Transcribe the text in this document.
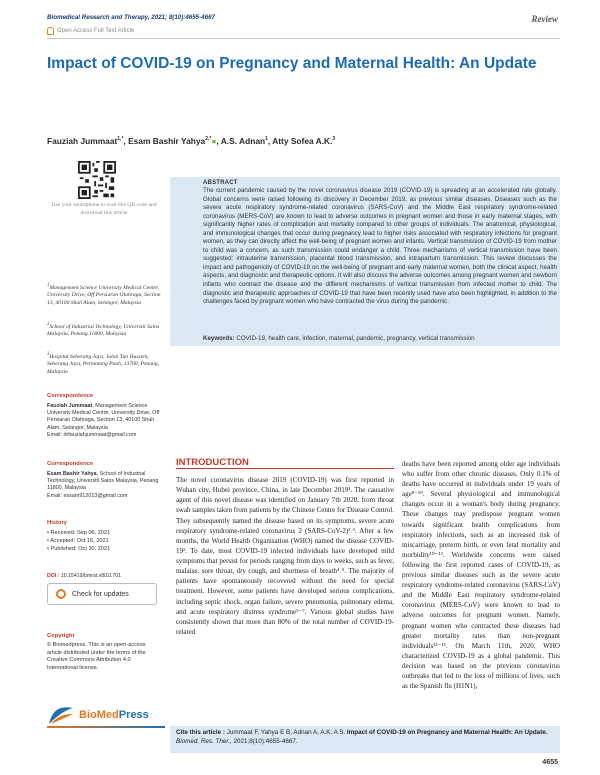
Biomedical Research and Therapy, 2021; 8(10):4655-4667
Open Access Full Text Article
Review
Impact of COVID-19 on Pregnancy and Maternal Health: An Update
Fauziah Jummaat$^{1,*}$, Esam Bashir Yahya$^{2,*}$●, A.S. Adnan$^1$, Atty Sofea A.K.$^3$
Use your smartphone to scan this QR code and download this article
ABSTRACT
The current pandemic caused by the novel coronavirus disease 2019 (COVID-19) is spreading at an accelerated rate globally. Global concerns were raised following its discovery in December 2019, as previous similar diseases. Diseases such as the severe acute respiratory syndrome-related coronavirus (SARS-CoV) and the Middle East respiratory syndrome-related coronavirus (MERS-CoV) are known to lead to adverse outcomes in pregnant women and those in early maternal stages, with significantly higher rates of complication and mortality compared to other groups of individuals. The anatomical, physiological, and immunological changes that occur during pregnancy lead to higher risks associated with respiratory infections for pregnant women, as they can directly affect the well-being of pregnant women and infants. Vertical transmission of COVID-19 from mother to child was a concern, as such transmission could endanger a child. Three mechanisms of vertical transmission have been suggested: intrauterine transmission, placental blood transmission, and intrapartum transmission. This review discusses the impact and pathogenicity of COVID-19 on the well-being of pregnant and early maternal women, both the clinical aspect, health aspects, and diagnostic and therapeutic options. It will also discuss the adverse outcomes among pregnant women and newborn infants who contract the disease and the different mechanisms of vertical transmission from infected mother to child. The diagnostic and therapeutic approaches of COVID-19 that have been recently used have also been highlighted, in addition to the challenges faced by pregnant women who have contracted the virus during the pandemic.
Keywords: COVID-19, health care, infection, maternal, pandemic, pregnancy, vertical transmission
$^1$Management Science University Medical Centre, University Drive, Off Persiaran Olahraga, Section 13, 40100 Shah Alam, Selangor, Malaysia
$^2$School of Industrial Technology, Universiti Sains Malaysia, Penang 11800, Malaysia
$^3$Hospital Seberang Jaya, Jalan Tun Hussein, Seberang Jaya, Permatang Pauh, 13700, Penang, Malaysia
Correspondence
Fauziah Jummaat, Management Science University Medical Centre, University Drive, Off Persiaran Olahraga, Section 13, 40100 Shah Alam, Selangor, Malaysia
Email: drfauziahjummaat@gmail.com
Correspondence
Esam Bashir Yahya, School of Industrial Technology, Universiti Sains Malaysia, Penang 11800, Malaysia
Email: essam912013@gmail.com
History
• Received: Sep 06, 2021
• Accepted: Oct 16, 2021
• Published: Oct 30, 2021
DOI : 10.15419/bmrat.v8i10.701
Check for updates
Copyright
© Biomedpress. This is an open-access article distributed under the terms of the Creative Commons Attribution 4.0 International license.
BioMedPress
INTRODUCTION
The novel coronavirus disease 2019 (COVID-19) was first reported in Wuhan city, Hubei province, China, in late December 2019¹. The causative agent of this novel disease was identified on January 7th 2020, from throat swab samples taken from patients by the Chinese Centre for Disease Control. They subsequently named the disease based on its symptoms, severe acute respiratory syndrome-related coronavirus 2 (SARS-CoV-2)²˒³. After a few months, the World Health Organisation (WHO) named the disease COVID-19². To date, most COVID-19 infected individuals have developed mild symptoms that persist for periods ranging from days to weeks, such as fever, malaise, sore throat, dry cough, and shortness of breath⁴˒⁵. The majority of patients have spontaneously recovered without the need for special treatment. However, some patients have developed serious complications, including septic shock, organ failure, severe pneumonia, pulmonary edema, and acute respiratory distress syndrome⁵⁻⁷. Various global studies have consistently shown that more than 80% of the total number of COVID-19-related
deaths have been reported among older age individuals who suffer from other chronic diseases. Only 0.1% of deaths have occurred in individuals under 19 years of age⁸⁻¹⁰. Several physiological and immunological changes occur in a woman's body during pregnancy. These changes may predispose pregnant women towards significant health complications from respiratory infections, such as an increased risk of miscarriage, preterm birth, or even fetal mortality and morbidity¹⁰⁻¹². Worldwide concerns were raised following the first reported cases of COVID-19, as previous similar diseases such as the severe acute respiratory syndrome-related coronavirus (SARS-CoV) and the Middle East respiratory syndrome-related coronavirus (MERS-CoV) were known to lead to adverse outcomes for pregnant women. Namely, pregnant women who contracted these diseases had greater mortality rates than non-pregnant individuals¹³⁻¹⁵. On March 11th, 2020, WHO characterized COVID-19 as a global pandemic. This decision was based on the previous coronavirus outbreaks that led to the loss of millions of lives, such as the Spanish flu (H1N1),
Cite this article : Jummaat F, Yahya E B, Adnan A, A.K. A S. Impact of COVID-19 on Pregnancy and Maternal Health: An Update. Biomed. Res. Ther., 2021;8(10):4655-4667.
4655
